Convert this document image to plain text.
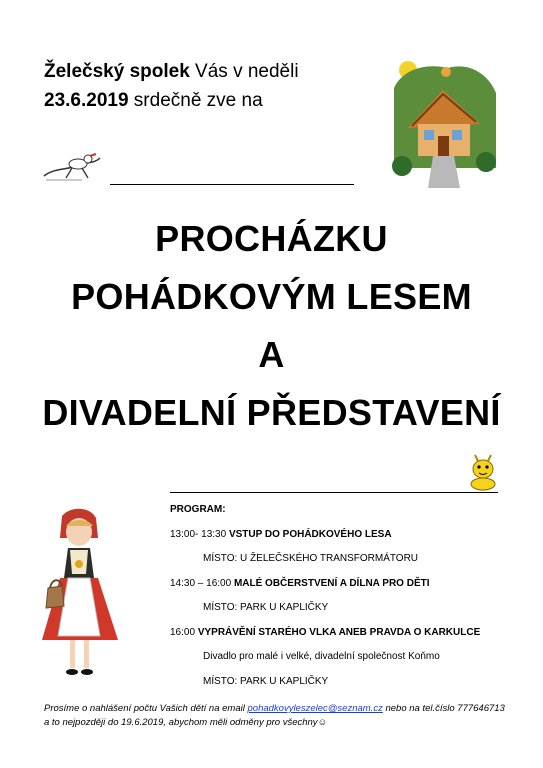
Želečský spolek Vás v neděli
23.6.2019 srdečně zve na
PROCHÁZKU
POHÁDKOVÝM LESEM
A
DIVADELNÍ PŘEDSTAVENÍ
PROGRAM:
13:00- 13:30 VSTUP DO POHÁDKOVÉHO LESA
MÍSTO: U ŽELEČSKÉHO TRANSFORMÁTORU
14:30 – 16:00 MALÉ OBČERSTVENÍ A DÍLNA PRO DĚTI
MÍSTO: PARK U KAPLIČKY
16:00 VYPRÁVĚNÍ STARÉHO VLKA ANEB PRAVDA O KARKULCE
Divadlo pro malé i velké, divadelní společnost Koňmo
MÍSTO: PARK U KAPLIČKY
Prosíme o nahlášení počtu Vašich dětí na email pohadkovyleszelec@seznam.cz nebo na tel.číslo 777646713 a to nejpozději do 19.6.2019, abychom měli odměny pro všechny☺
